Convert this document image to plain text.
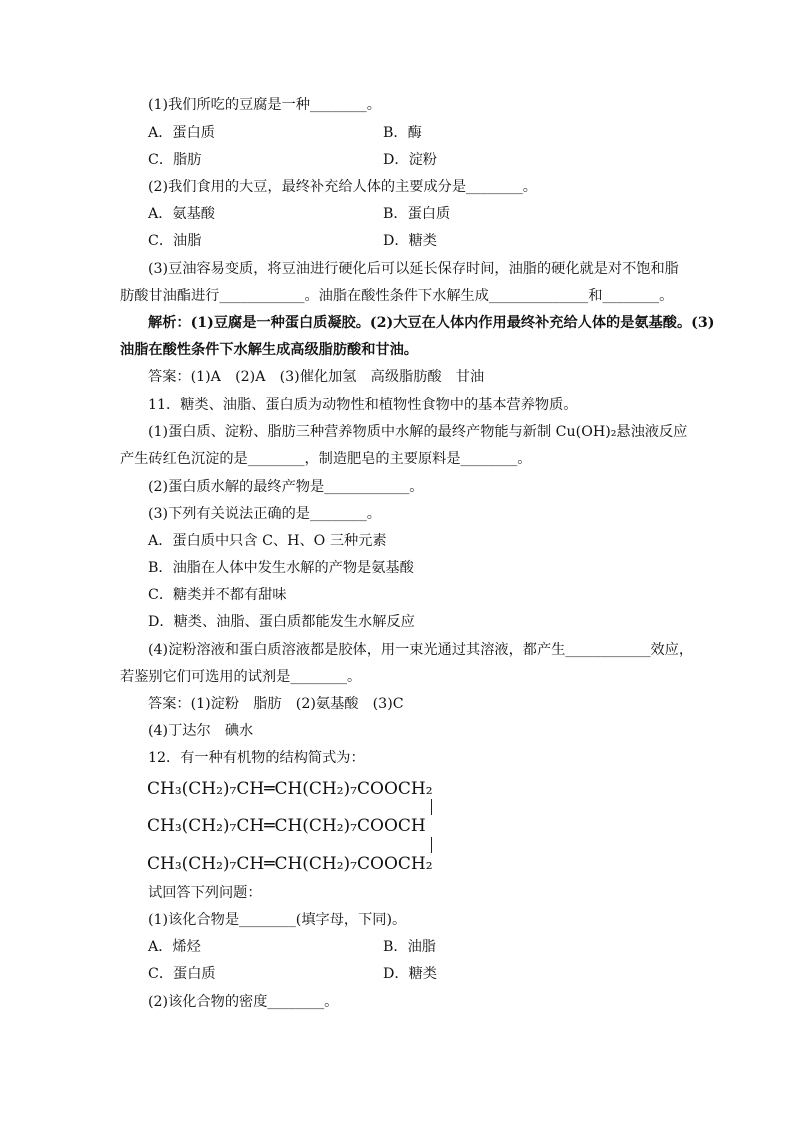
(1)我们所吃的豆腐是一种________。
A．蛋白质	B．酶
C．脂肪	D．淀粉
(2)我们食用的大豆，最终补充给人体的主要成分是________。
A．氨基酸	B．蛋白质
C．油脂	D．糖类
(3)豆油容易变质，将豆油进行硬化后可以延长保存时间，油脂的硬化就是对不饱和脂
肪酸甘油酯进行____________。油脂在酸性条件下水解生成______________和________。
解析：(1)豆腐是一种蛋白质凝胶。(2)大豆在人体内作用最终补充给人体的是氨基酸。(3)
油脂在酸性条件下水解生成高级脂肪酸和甘油。
答案：(1)A　(2)A　(3)催化加氢　高级脂肪酸　甘油
11．糖类、油脂、蛋白质为动物性和植物性食物中的基本营养物质。
(1)蛋白质、淀粉、脂肪三种营养物质中水解的最终产物能与新制 Cu(OH)₂悬浊液反应
产生砖红色沉淀的是________，制造肥皂的主要原料是________。
(2)蛋白质水解的最终产物是____________。
(3)下列有关说法正确的是________。
A．蛋白质中只含 C、H、O 三种元素
B．油脂在人体中发生水解的产物是氨基酸
C．糖类并不都有甜味
D．糖类、油脂、蛋白质都能发生水解反应
(4)淀粉溶液和蛋白质溶液都是胶体，用一束光通过其溶液，都产生____________效应，
若鉴别它们可选用的试剂是________。
答案：(1)淀粉　脂肪　(2)氨基酸　(3)C
(4)丁达尔　碘水
12．有一种有机物的结构简式为：
CH₃(CH₂)₇CH═CH(CH₂)₇COOCH₂
CH₃(CH₂)₇CH═CH(CH₂)₇COOCH
CH₃(CH₂)₇CH═CH(CH₂)₇COOCH₂
试回答下列问题：
(1)该化合物是________(填字母，下同)。
A．烯烃	B．油脂
C．蛋白质	D．糖类
(2)该化合物的密度________。
